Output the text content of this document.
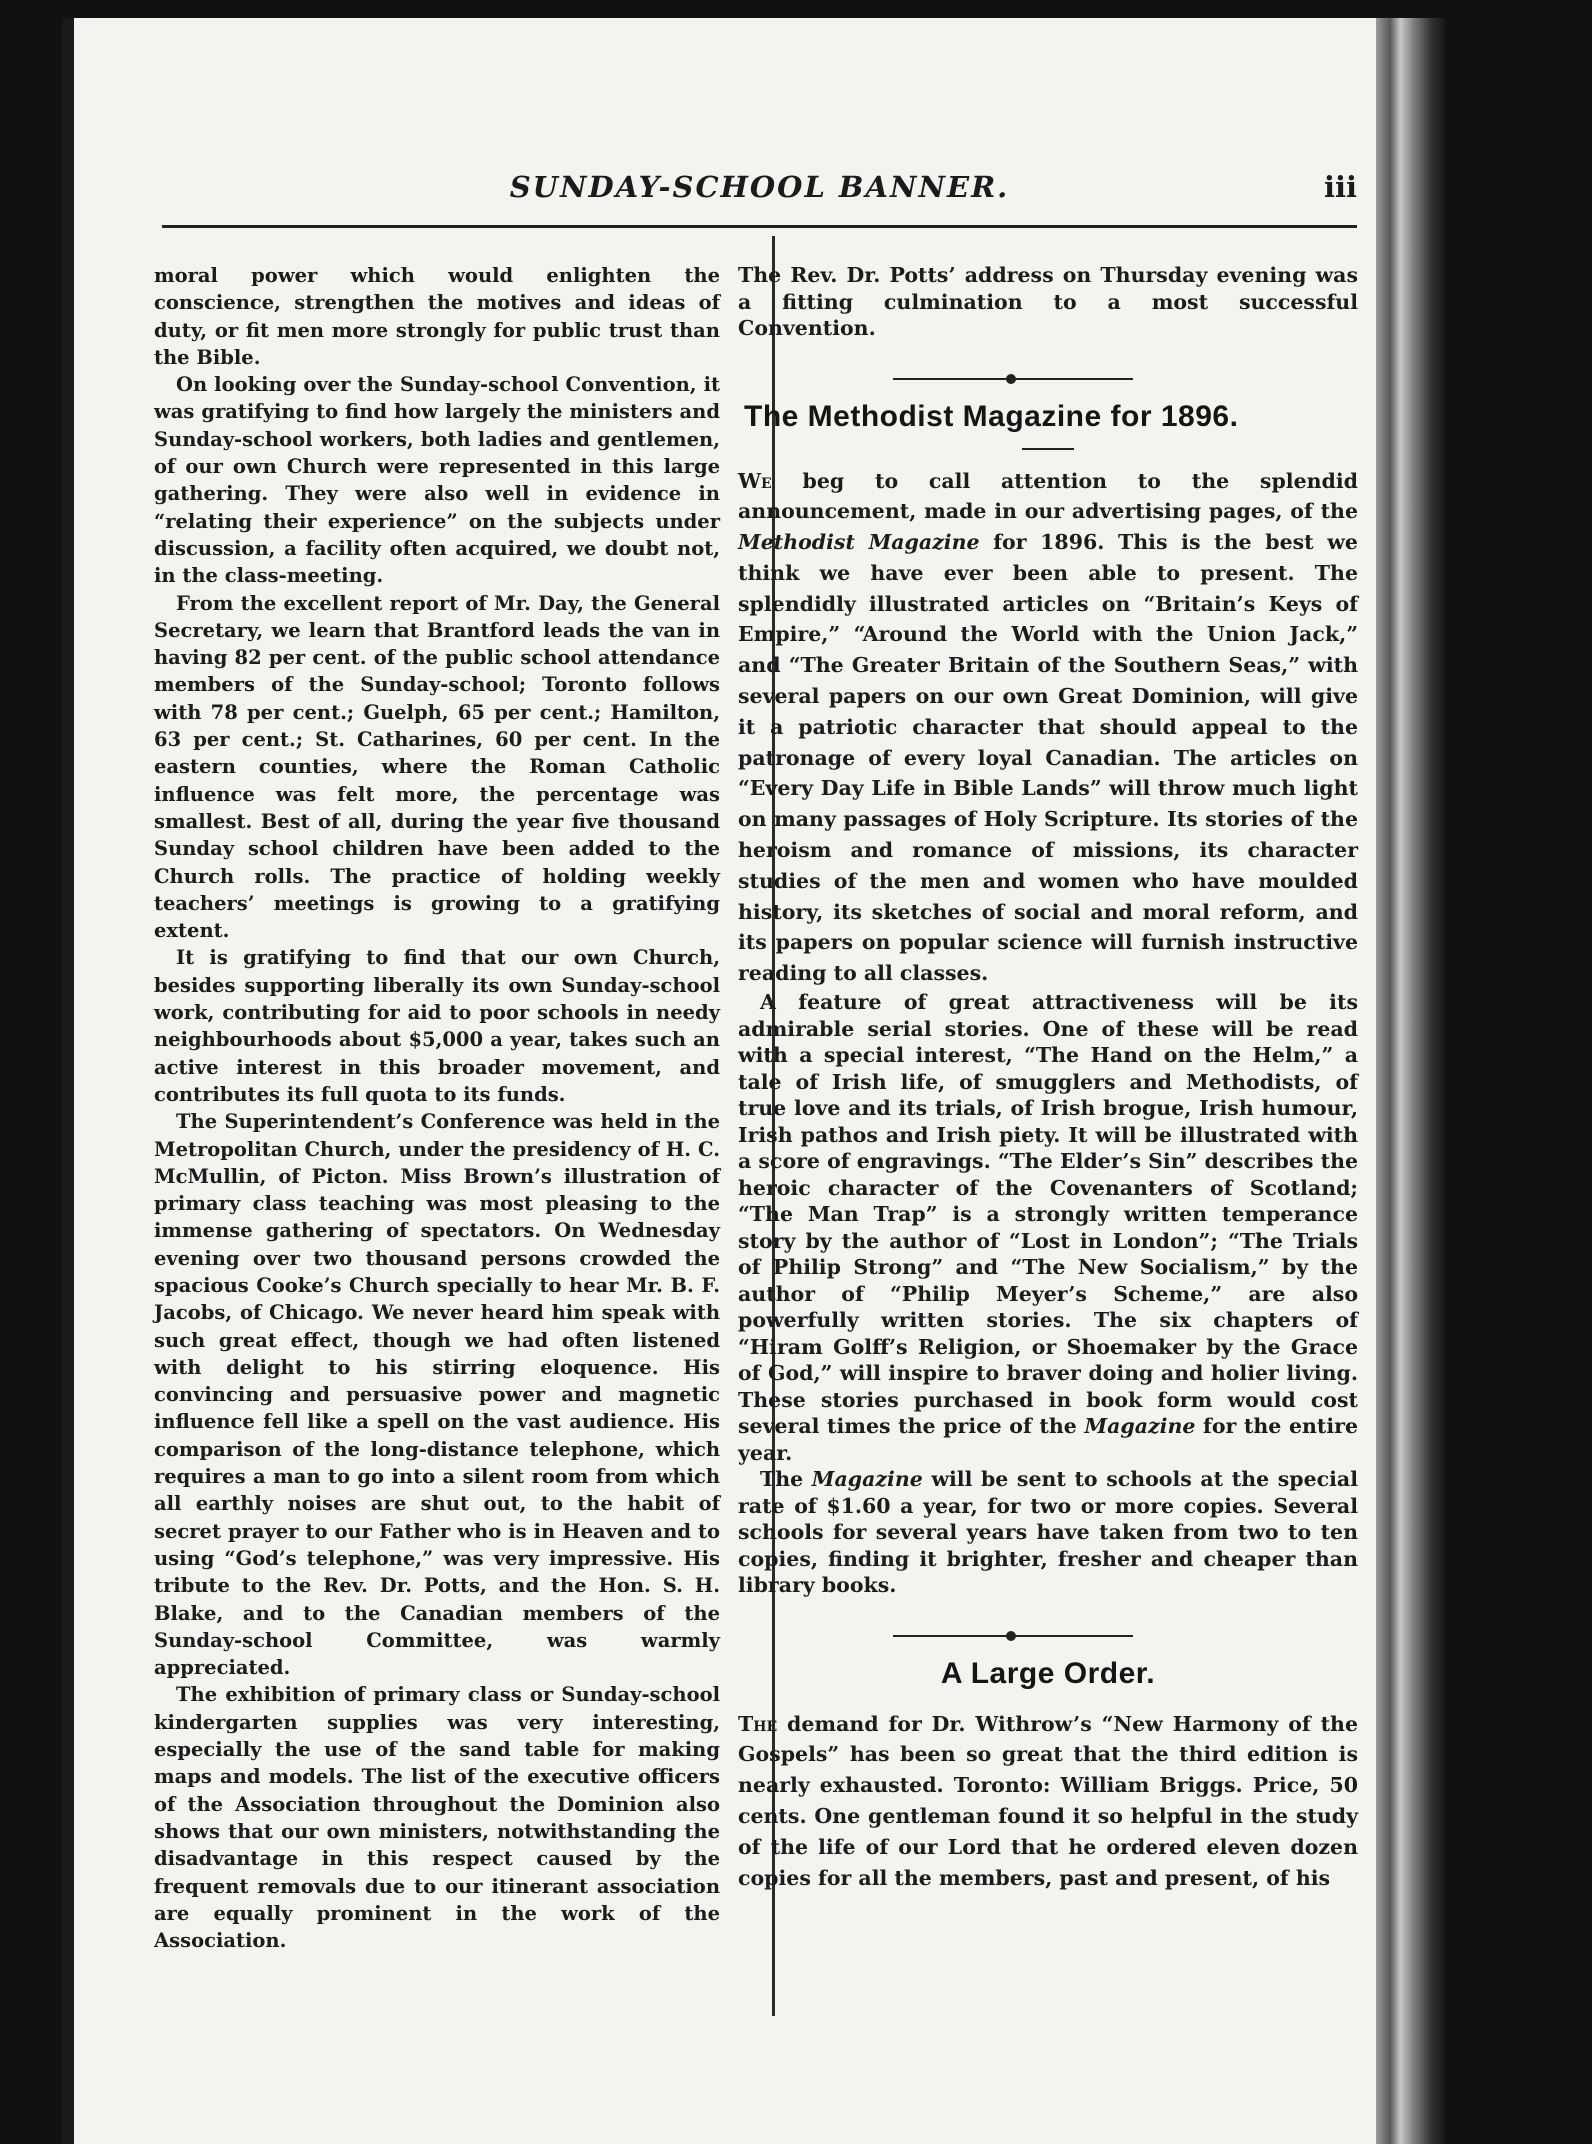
SUNDAY-SCHOOL BANNER.	iii

moral power which would enlighten the conscience, strengthen the motives and ideas of duty, or fit men more strongly for public trust than the Bible.

On looking over the Sunday-school Convention, it was gratifying to find how largely the ministers and Sunday-school workers, both ladies and gentlemen, of our own Church were represented in this large gathering. They were also well in evidence in “relating their experience” on the subjects under discussion, a facility often acquired, we doubt not, in the class-meeting.

From the excellent report of Mr. Day, the General Secretary, we learn that Brantford leads the van in having 82 per cent. of the public school attendance members of the Sunday-school; Toronto follows with 78 per cent.; Guelph, 65 per cent.; Hamilton, 63 per cent.; St. Catharines, 60 per cent. In the eastern counties, where the Roman Catholic influence was felt more, the percentage was smallest. Best of all, during the year five thousand Sunday school children have been added to the Church rolls. The practice of holding weekly teachers’ meetings is growing to a gratifying extent.

It is gratifying to find that our own Church, besides supporting liberally its own Sunday-school work, contributing for aid to poor schools in needy neighbourhoods about $5,000 a year, takes such an active interest in this broader movement, and contributes its full quota to its funds.

The Superintendent’s Conference was held in the Metropolitan Church, under the presidency of H. C. McMullin, of Picton. Miss Brown’s illustration of primary class teaching was most pleasing to the immense gathering of spectators. On Wednesday evening over two thousand persons crowded the spacious Cooke’s Church specially to hear Mr. B. F. Jacobs, of Chicago. We never heard him speak with such great effect, though we had often listened with delight to his stirring eloquence. His convincing and persuasive power and magnetic influence fell like a spell on the vast audience. His comparison of the long-distance telephone, which requires a man to go into a silent room from which all earthly noises are shut out, to the habit of secret prayer to our Father who is in Heaven and to using “God’s telephone,” was very impressive. His tribute to the Rev. Dr. Potts, and the Hon. S. H. Blake, and to the Canadian members of the Sunday-school Committee, was warmly appreciated.

The exhibition of primary class or Sunday-school kindergarten supplies was very interesting, especially the use of the sand table for making maps and models. The list of the executive officers of the Association throughout the Dominion also shows that our own ministers, notwithstanding the disadvantage in this respect caused by the frequent removals due to our itinerant association are equally prominent in the work of the Association.

The Rev. Dr. Potts’ address on Thursday evening was a fitting culmination to a most successful Convention.

The Methodist Magazine for 1896.

We beg to call attention to the splendid announcement, made in our advertising pages, of the Methodist Magazine for 1896. This is the best we think we have ever been able to present. The splendidly illustrated articles on “Britain’s Keys of Empire,” “Around the World with the Union Jack,” and “The Greater Britain of the Southern Seas,” with several papers on our own Great Dominion, will give it a patriotic character that should appeal to the patronage of every loyal Canadian. The articles on “Every Day Life in Bible Lands” will throw much light on many passages of Holy Scripture. Its stories of the heroism and romance of missions, its character studies of the men and women who have moulded history, its sketches of social and moral reform, and its papers on popular science will furnish instructive reading to all classes.

A feature of great attractiveness will be its admirable serial stories. One of these will be read with a special interest, “The Hand on the Helm,” a tale of Irish life, of smugglers and Methodists, of true love and its trials, of Irish brogue, Irish humour, Irish pathos and Irish piety. It will be illustrated with a score of engravings. “The Elder’s Sin” describes the heroic character of the Covenanters of Scotland; “The Man Trap” is a strongly written temperance story by the author of “Lost in London”; “The Trials of Philip Strong” and “The New Socialism,” by the author of “Philip Meyer’s Scheme,” are also powerfully written stories. The six chapters of “Hiram Golff’s Religion, or Shoemaker by the Grace of God,” will inspire to braver doing and holier living. These stories purchased in book form would cost several times the price of the Magazine for the entire year.

The Magazine will be sent to schools at the special rate of $1.60 a year, for two or more copies. Several schools for several years have taken from two to ten copies, finding it brighter, fresher and cheaper than library books.

A Large Order.

The demand for Dr. Withrow’s “New Harmony of the Gospels” has been so great that the third edition is nearly exhausted. Toronto: William Briggs. Price, 50 cents. One gentleman found it so helpful in the study of the life of our Lord that he ordered eleven dozen copies for all the members, past and present, of his
